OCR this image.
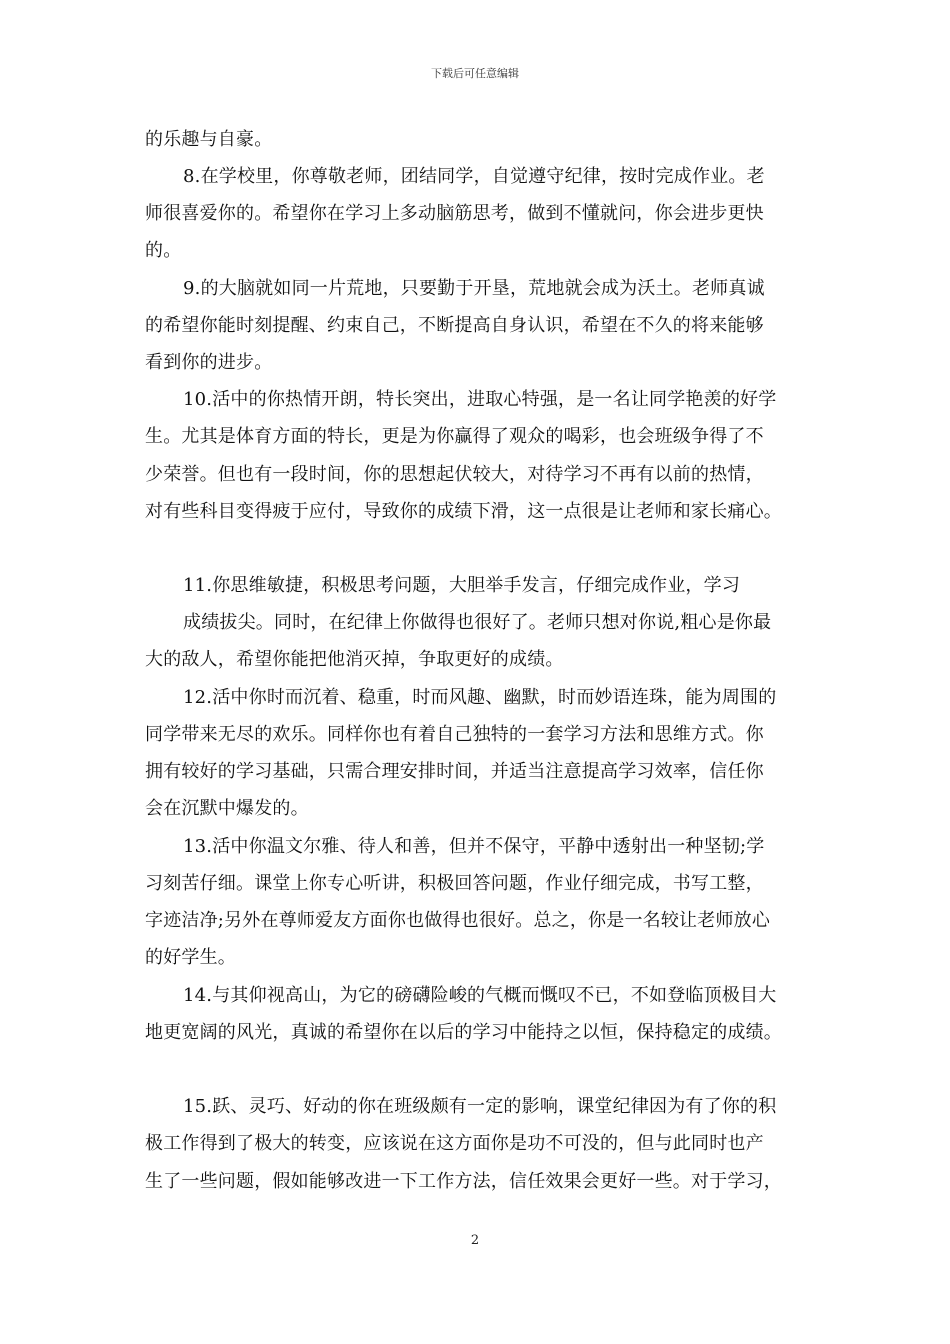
下载后可任意编辑
的乐趣与自豪。
8.在学校里，你尊敬老师，团结同学，自觉遵守纪律，按时完成作业。老
师很喜爱你的。希望你在学习上多动脑筋思考，做到不懂就问，你会进步更快
的。
9.的大脑就如同一片荒地，只要勤于开垦，荒地就会成为沃土。老师真诚
的希望你能时刻提醒、约束自己，不断提高自身认识，希望在不久的将来能够
看到你的进步。
10.活中的你热情开朗，特长突出，进取心特强，是一名让同学艳羡的好学
生。尤其是体育方面的特长，更是为你赢得了观众的喝彩，也会班级争得了不
少荣誉。但也有一段时间，你的思想起伏较大，对待学习不再有以前的热情，
对有些科目变得疲于应付，导致你的成绩下滑，这一点很是让老师和家长痛心。
11.你思维敏捷，积极思考问题，大胆举手发言，仔细完成作业，学习
成绩拔尖。同时，在纪律上你做得也很好了。老师只想对你说,粗心是你最
大的敌人，希望你能把他消灭掉，争取更好的成绩。
12.活中你时而沉着、稳重，时而风趣、幽默，时而妙语连珠，能为周围的
同学带来无尽的欢乐。同样你也有着自己独特的一套学习方法和思维方式。你
拥有较好的学习基础，只需合理安排时间，并适当注意提高学习效率，信任你
会在沉默中爆发的。
13.活中你温文尔雅、待人和善，但并不保守，平静中透射出一种坚韧;学
习刻苦仔细。课堂上你专心听讲，积极回答问题，作业仔细完成，书写工整，
字迹洁净;另外在尊师爱友方面你也做得也很好。总之，你是一名较让老师放心
的好学生。
14.与其仰视高山，为它的磅礴险峻的气概而慨叹不已，不如登临顶极目大
地更宽阔的风光，真诚的希望你在以后的学习中能持之以恒，保持稳定的成绩。
15.跃、灵巧、好动的你在班级颇有一定的影响，课堂纪律因为有了你的积
极工作得到了极大的转变，应该说在这方面你是功不可没的，但与此同时也产
生了一些问题，假如能够改进一下工作方法，信任效果会更好一些。对于学习，
2
